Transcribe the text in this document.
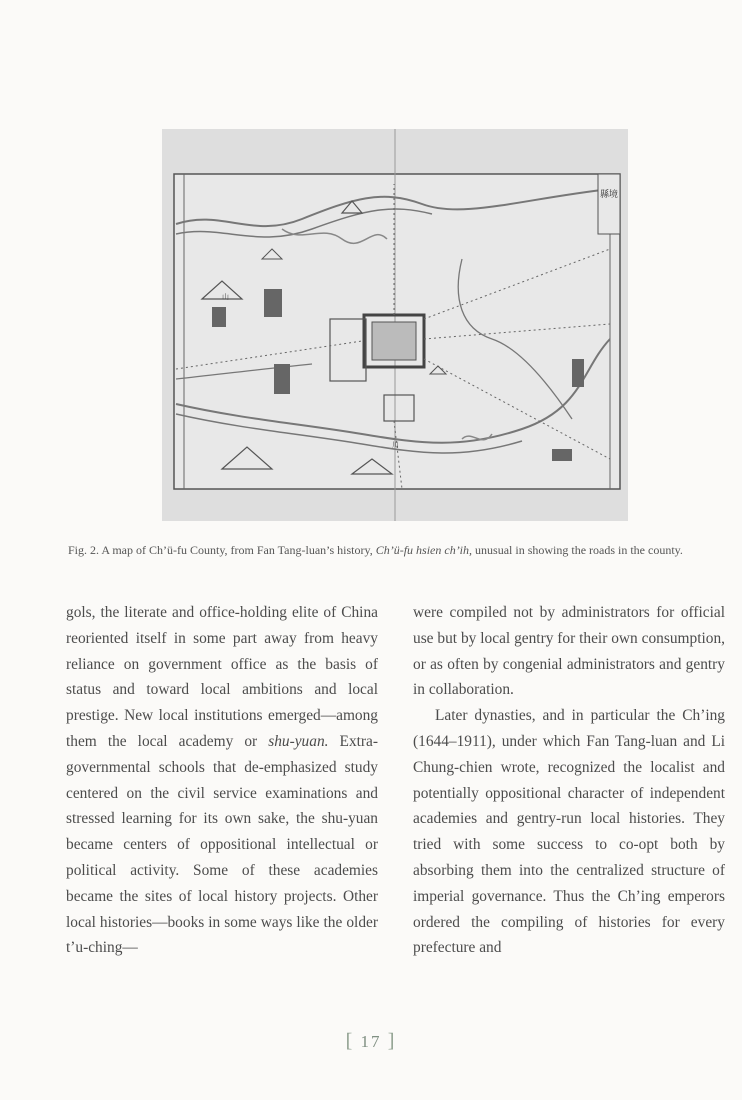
縣境
山
川
Fig. 2. A map of Ch’ü-fu County, from Fan Tang-luan’s history, Ch’ü-fu hsien ch’ih, unusual in showing the roads in the county.

gols, the literate and office-holding elite of China reoriented itself in some part away from heavy reliance on government office as the basis of status and toward local ambitions and local prestige. New local institutions emerged—among them the local academy or shu-yuan. Extra-governmental schools that de-emphasized study centered on the civil service examinations and stressed learning for its own sake, the shu-yuan became centers of oppositional intellectual or political activity. Some of these academies became the sites of local history projects. Other local histories—books in some ways like the older t’u-ching—

were compiled not by administrators for official use but by local gentry for their own consumption, or as often by congenial administrators and gentry in collaboration.

Later dynasties, and in particular the Ch’ing (1644–1911), under which Fan Tang-luan and Li Chung-chien wrote, recognized the localist and potentially oppositional character of independent academies and gentry-run local histories. They tried with some success to co-opt both by absorbing them into the centralized structure of imperial governance. Thus the Ch’ing emperors ordered the compiling of histories for every prefecture and

[ 17 ]
